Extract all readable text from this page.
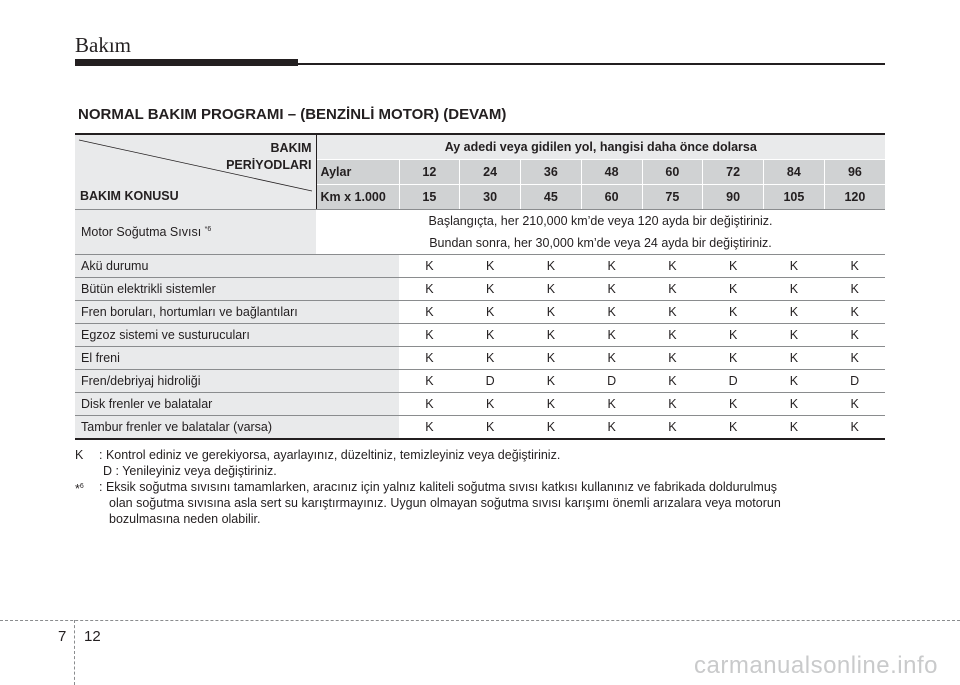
Bakım
NORMAL BAKIM PROGRAMI – (BENZİNLİ MOTOR) (DEVAM)
BAKIM
PERİYODLARI
BAKIM KONUSU	Ay adedi veya gidilen yol, hangisi daha önce dolarsa								
	Aylar	12	24	36	48	60	72	84	96
	Km x 1.000	15	30	45	60	75	90	105	120
Motor Soğutma Sıvısı $^{*6}$	Başlangıçta, her 210,000 km’de veya 120 ayda bir değiştiriniz.
Bundan sonra, her 30,000 km’de veya 24 ayda bir değiştiriniz.								

Akü durumu		K	K	K	K	K	K	K	K
Bütün elektrikli sistemler		K	K	K	K	K	K	K	K
Fren boruları, hortumları ve bağlantıları		K	K	K	K	K	K	K	K
Egzoz sistemi ve susturucuları		K	K	K	K	K	K	K	K
El freni		K	K	K	K	K	K	K	K
Fren/debriyaj hidroliği		K	D	K	D	K	D	K	D
Disk frenler ve balatalar		K	K	K	K	K	K	K	K
Tambur frenler ve balatalar (varsa)		K	K	K	K	K	K	K	K
K : Kontrol ediniz ve gerekiyorsa, ayarlayınız, düzeltiniz, temizleyiniz veya değiştiriniz.
D : Yenileyiniz veya değiştiriniz.
*$^6$ : Eksik soğutma sıvısını tamamlarken, aracınız için yalnız kaliteli soğutma sıvısı katkısı kullanınız ve fabrikada doldurulmuş
olan soğutma sıvısına asla sert su karıştırmayınız. Uygun olmayan soğutma sıvısı karışımı önemli arızalara veya motorun
bozulmasına neden olabilir.
7 12
carmanualsonline.info
